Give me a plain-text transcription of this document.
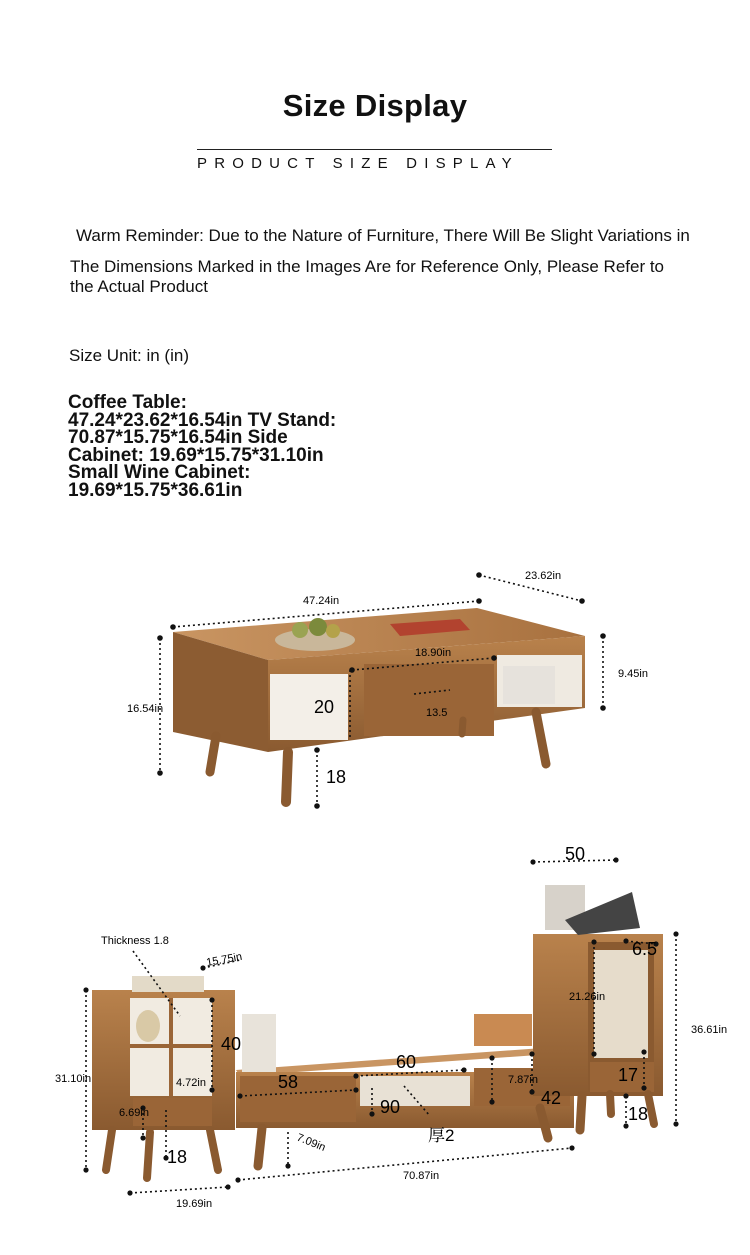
Size Display
PRODUCT SIZE DISPLAY
Warm Reminder: Due to the Nature of Furniture, There Will Be Slight Variations in
The Dimensions Marked in the Images Are for Reference Only, Please Refer to the Actual Product
Size Unit: in (in)
Coffee Table: 47.24*23.62*16.54in TV Stand: 70.87*15.75*16.54in Side Cabinet: 19.69*15.75*31.10in Small Wine Cabinet: 19.69*15.75*36.61in
47.24in
23.62in
16.54in
18.90in
9.45in
13.5
20
18
Thickness 1.8
15.75in
31.10in
19.69in
40
4.72in
6.69in
18
58
60
90
厚2
7.09in
7.87in
42
70.87in
50
6.5
21.26in
36.61in
17
18
